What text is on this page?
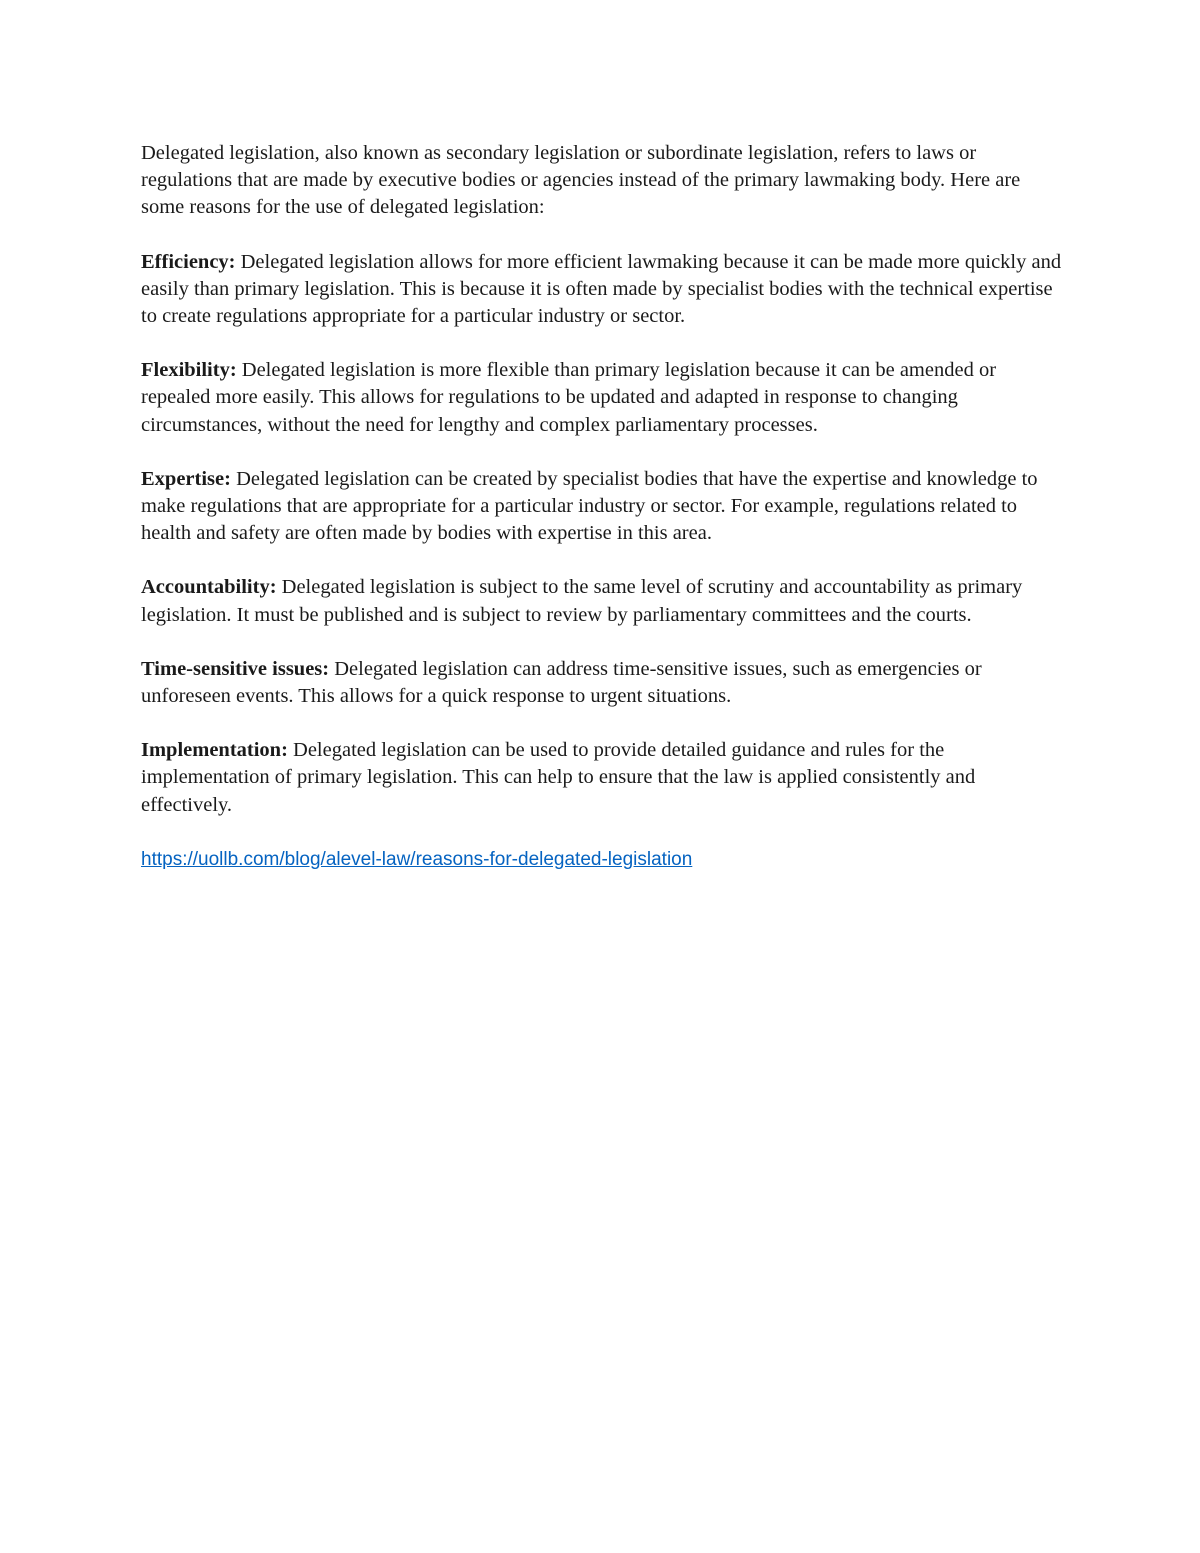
Delegated legislation, also known as secondary legislation or subordinate legislation, refers to laws or regulations that are made by executive bodies or agencies instead of the primary lawmaking body. Here are some reasons for the use of delegated legislation:

Efficiency: Delegated legislation allows for more efficient lawmaking because it can be made more quickly and easily than primary legislation. This is because it is often made by specialist bodies with the technical expertise to create regulations appropriate for a particular industry or sector.

Flexibility: Delegated legislation is more flexible than primary legislation because it can be amended or repealed more easily. This allows for regulations to be updated and adapted in response to changing circumstances, without the need for lengthy and complex parliamentary processes.

Expertise: Delegated legislation can be created by specialist bodies that have the expertise and knowledge to make regulations that are appropriate for a particular industry or sector. For example, regulations related to health and safety are often made by bodies with expertise in this area.

Accountability: Delegated legislation is subject to the same level of scrutiny and accountability as primary legislation. It must be published and is subject to review by parliamentary committees and the courts.

Time-sensitive issues: Delegated legislation can address time-sensitive issues, such as emergencies or unforeseen events. This allows for a quick response to urgent situations.

Implementation: Delegated legislation can be used to provide detailed guidance and rules for the implementation of primary legislation. This can help to ensure that the law is applied consistently and effectively.

https://uollb.com/blog/alevel-law/reasons-for-delegated-legislation
